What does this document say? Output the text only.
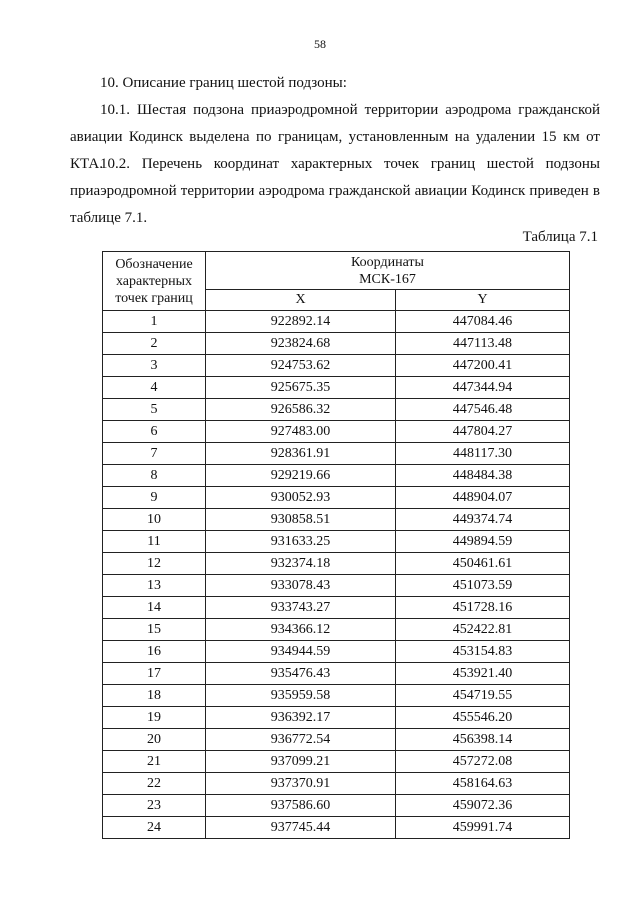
58
10. Описание границ шестой подзоны:
10.1. Шестая подзона приаэродромной территории аэродрома гражданской авиации Кодинск выделена по границам, установленным на удалении 15 км от КТА.
10.2. Перечень координат характерных точек границ шестой подзоны приаэродромной территории аэродрома гражданской авиации Кодинск приведен в таблице 7.1.
Таблица 7.1
Обозначение характерных точек границ	Координаты МСК-167	
	X	Y
1	922892.14	447084.46
2	923824.68	447113.48
3	924753.62	447200.41
4	925675.35	447344.94
5	926586.32	447546.48
6	927483.00	447804.27
7	928361.91	448117.30
8	929219.66	448484.38
9	930052.93	448904.07
10	930858.51	449374.74
11	931633.25	449894.59
12	932374.18	450461.61
13	933078.43	451073.59
14	933743.27	451728.16
15	934366.12	452422.81
16	934944.59	453154.83
17	935476.43	453921.40
18	935959.58	454719.55
19	936392.17	455546.20
20	936772.54	456398.14
21	937099.21	457272.08
22	937370.91	458164.63
23	937586.60	459072.36
24	937745.44	459991.74
